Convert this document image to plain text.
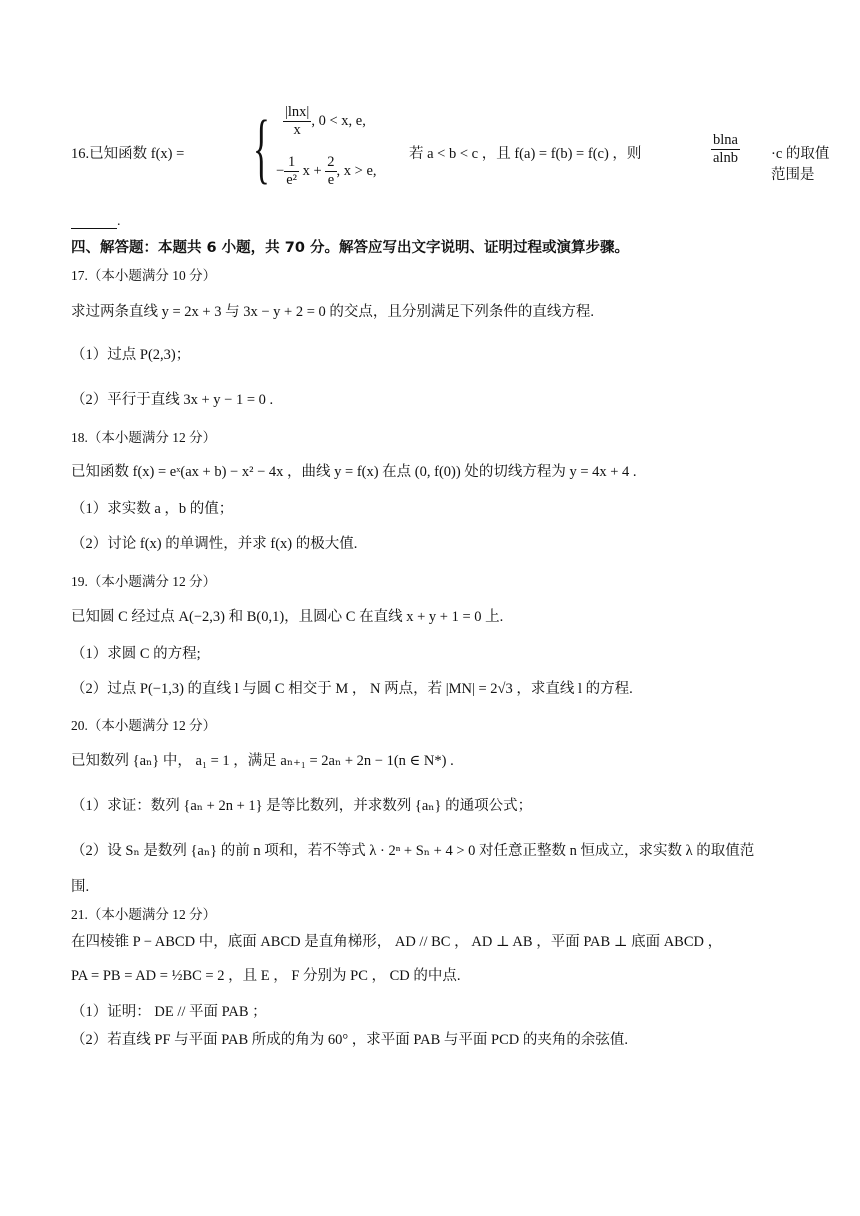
16.已知函数 f(x) = { $\frac{|\ln x|}{x}$ , 0 < x, e,
− $\frac{1}{\text{e²}}$ $x + \frac{2}{e}$ , x > e,
若 a < b < c ，且 f(a) = f(b) = f(c) ，则	$\frac{blna}{alnb} \cdot c$ 的取值范围是
.
四、解答题：本题共 6 小题，共 70 分。解答应写出文字说明、证明过程或演算步骤。
17.（本小题满分 10 分）
求过两条直线 y = 2x + 3 与 3x − y + 2 = 0 的交点，且分别满足下列条件的直线方程.
（1）过点 P(2,3)；
（2）平行于直线 3x + y − 1 = 0 .
18.（本小题满分 12 分）
已知函数 f(x) = eˣ(ax + b) − x² − 4x ，曲线 y = f(x) 在点 (0, f(0)) 处的切线方程为 y = 4x + 4 .
（1）求实数 a ，b 的值；
（2）讨论 f(x) 的单调性，并求 f(x) 的极大值.
19.（本小题满分 12 分）
已知圆 C 经过点 A(−2,3) 和 B(0,1)，且圆心 C 在直线 x + y + 1 = 0 上.
（1）求圆 C 的方程;
（2）过点 P(−1,3) 的直线 l 与圆 C 相交于 M ， N 两点，若 |MN| = 2√3 ，求直线 l 的方程.
20.（本小题满分 12 分）
已知数列 {aₙ} 中， a₁ = 1 ，满足 aₙ₊₁ = 2aₙ + 2n − 1(n ∈ N*) .
（1）求证：数列 {aₙ + 2n + 1} 是等比数列，并求数列 {aₙ} 的通项公式；
（2）设 Sₙ 是数列 {aₙ} 的前 n 项和，若不等式 λ · 2ⁿ + Sₙ + 4 > 0 对任意正整数 n 恒成立，求实数 λ 的取值范
围.
21.（本小题满分 12 分）
在四棱锥 P − ABCD 中，底面 ABCD 是直角梯形， AD // BC ， AD ⊥ AB ，平面 PAB ⊥ 底面 ABCD ，
PA = PB = AD = ½BC = 2 ，且 E ， F 分别为 PC ， CD 的中点.
（1）证明： DE // 平面 PAB ；
（2）若直线 PF 与平面 PAB 所成的角为 60° ，求平面 PAB 与平面 PCD 的夹角的余弦值.
